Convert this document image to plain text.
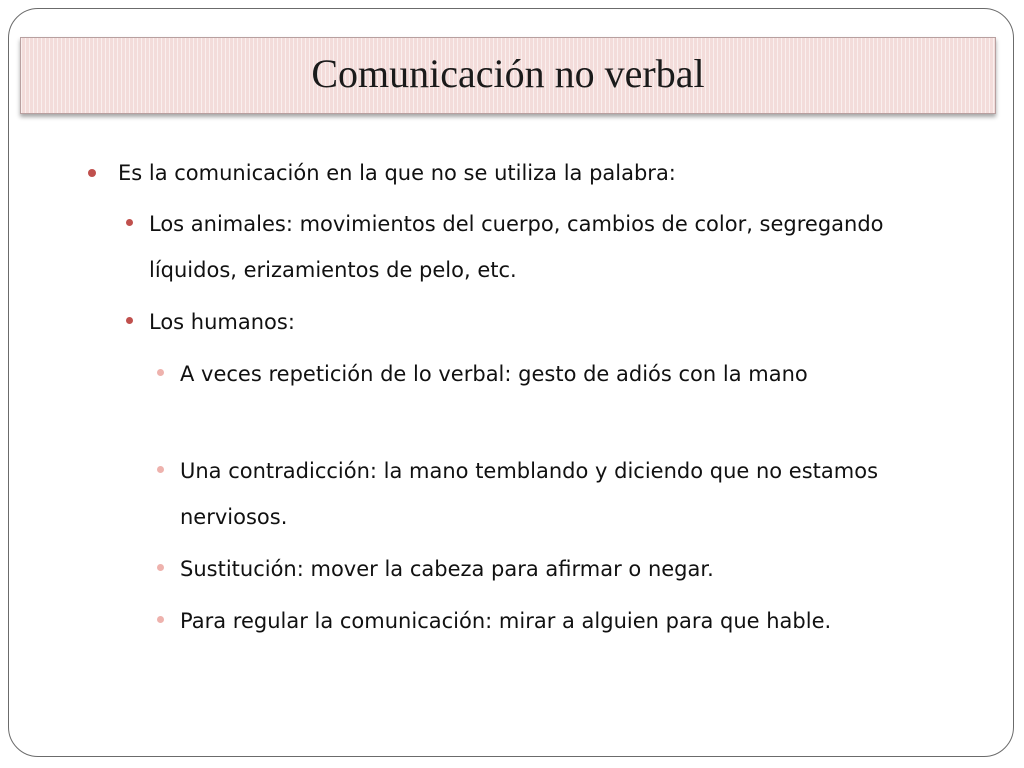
Comunicación no verbal
Es la comunicación en la que no se utiliza la palabra:
Los animales: movimientos del cuerpo, cambios de color, segregando líquidos, erizamientos de pelo, etc.
Los humanos:
A veces repetición de lo verbal: gesto de adiós con la mano
Una contradicción: la mano temblando y diciendo que no estamos nerviosos.
Sustitución: mover la cabeza para afirmar o negar.
Para regular la comunicación: mirar a alguien para que hable.
